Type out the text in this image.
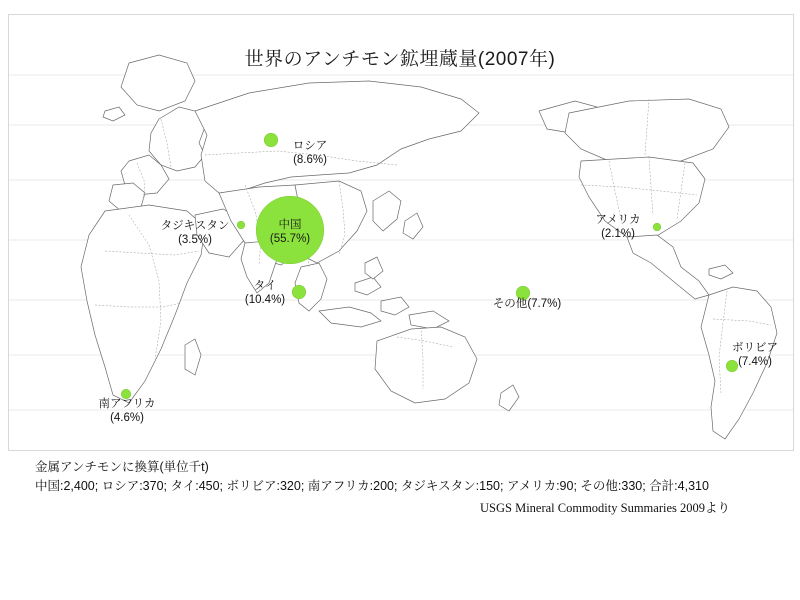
中国
(55.7%)
ロシア
(8.6%)
タイ
(10.4%)
ボリビア
(7.4%)
南アフリカ
(4.6%)
タジキスタン
(3.5%)
アメリカ
(2.1%)
その他(7.7%)
世界のアンチモン鉱埋蔵量(2007年)
金属アンチモンに換算(単位千t)
中国:2,400; ロシア:370; タイ:450; ボリビア:320; 南アフリカ:200; タジキスタン:150; アメリカ:90; その他:330; 合計:4,310
USGS Mineral Commodity Summaries 2009より
